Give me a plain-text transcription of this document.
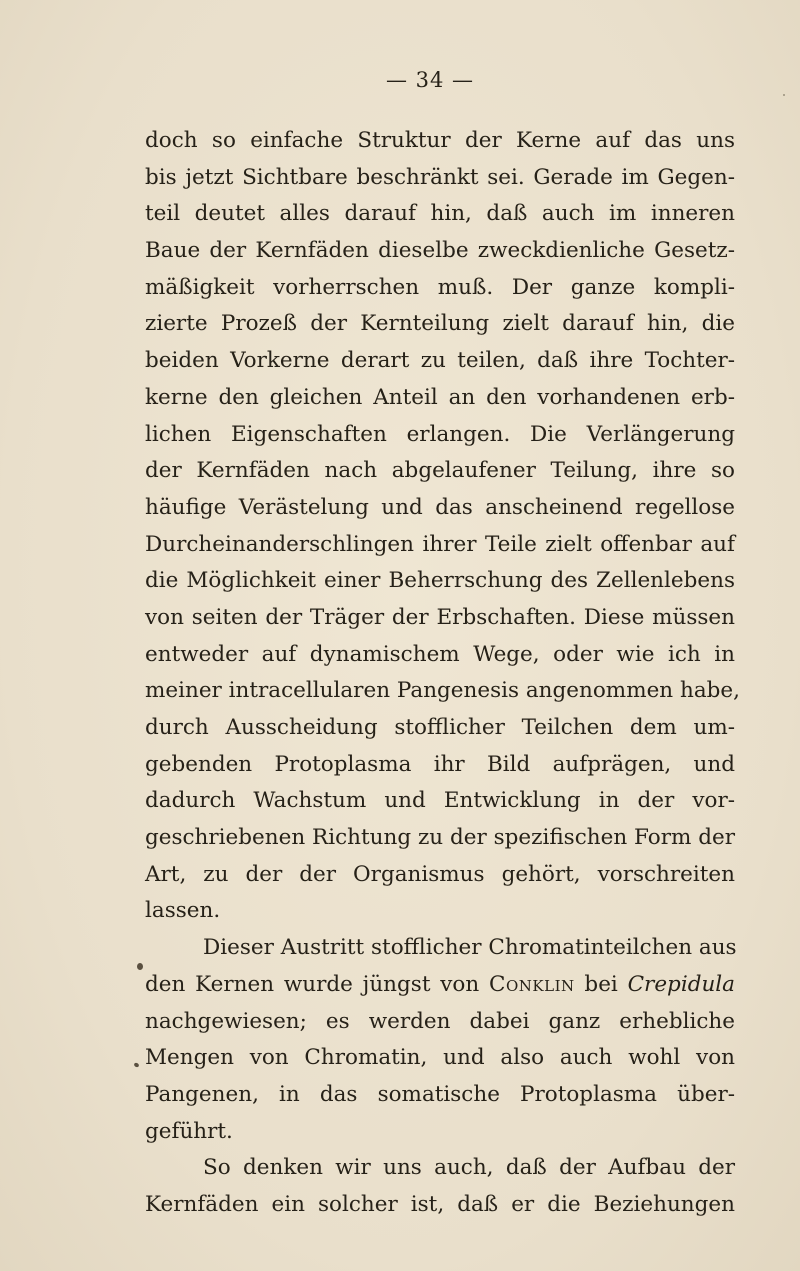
— 34 —
doch so einfache Struktur der Kerne auf das uns
bis jetzt Sichtbare beschränkt sei. Gerade im Gegen-
teil deutet alles darauf hin, daß auch im inneren
Baue der Kernfäden dieselbe zweckdienliche Gesetz-
mäßigkeit vorherrschen muß. Der ganze kompli-
zierte Prozeß der Kernteilung zielt darauf hin, die
beiden Vorkerne derart zu teilen, daß ihre Tochter-
kerne den gleichen Anteil an den vorhandenen erb-
lichen Eigenschaften erlangen. Die Verlängerung
der Kernfäden nach abgelaufener Teilung, ihre so
häufige Verästelung und das anscheinend regellose
Durcheinanderschlingen ihrer Teile zielt offenbar auf
die Möglichkeit einer Beherrschung des Zellenlebens
von seiten der Träger der Erbschaften. Diese müssen
entweder auf dynamischem Wege, oder wie ich in
meiner intracellularen Pangenesis angenommen habe,
durch Ausscheidung stofflicher Teilchen dem um-
gebenden Protoplasma ihr Bild aufprägen, und
dadurch Wachstum und Entwicklung in der vor-
geschriebenen Richtung zu der spezifischen Form der
Art, zu der der Organismus gehört, vorschreiten
lassen.
Dieser Austritt stofflicher Chromatinteilchen aus
den Kernen wurde jüngst von Conklin bei Crepidula
nachgewiesen; es werden dabei ganz erhebliche
Mengen von Chromatin, und also auch wohl von
Pangenen, in das somatische Protoplasma über-
geführt.
So denken wir uns auch, daß der Aufbau der
Kernfäden ein solcher ist, daß er die Beziehungen
